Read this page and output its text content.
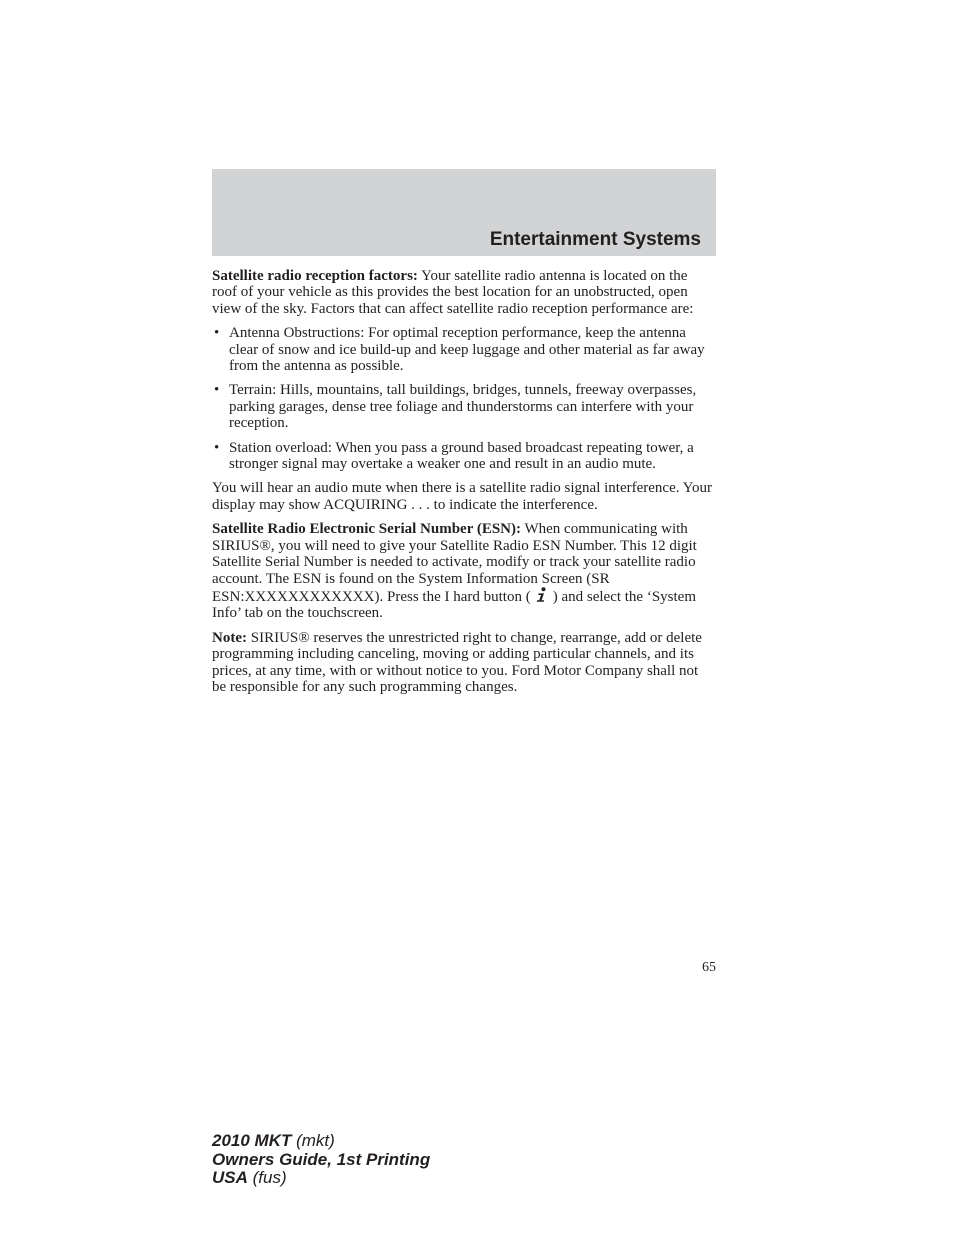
Entertainment Systems

Satellite radio reception factors: Your satellite radio antenna is located on the roof of your vehicle as this provides the best location for an unobstructed, open view of the sky. Factors that can affect satellite radio reception performance are:

• Antenna Obstructions: For optimal reception performance, keep the antenna clear of snow and ice build-up and keep luggage and other material as far away from the antenna as possible.
• Terrain: Hills, mountains, tall buildings, bridges, tunnels, freeway overpasses, parking garages, dense tree foliage and thunderstorms can interfere with your reception.
• Station overload: When you pass a ground based broadcast repeating tower, a stronger signal may overtake a weaker one and result in an audio mute.

You will hear an audio mute when there is a satellite radio signal interference. Your display may show ACQUIRING . . . to indicate the interference.

Satellite Radio Electronic Serial Number (ESN): When communicating with SIRIUS®, you will need to give your Satellite Radio ESN Number. This 12 digit Satellite Serial Number is needed to activate, modify or track your satellite radio account. The ESN is found on the System Information Screen (SR ESN:XXXXXXXXXXXX). Press the I hard button ( ) and select the ‘System Info’ tab on the touchscreen.

Note: SIRIUS® reserves the unrestricted right to change, rearrange, add or delete programming including canceling, moving or adding particular channels, and its prices, at any time, with or without notice to you. Ford Motor Company shall not be responsible for any such programming changes.

65
2010 MKT (mkt)
Owners Guide, 1st Printing
USA (fus)
